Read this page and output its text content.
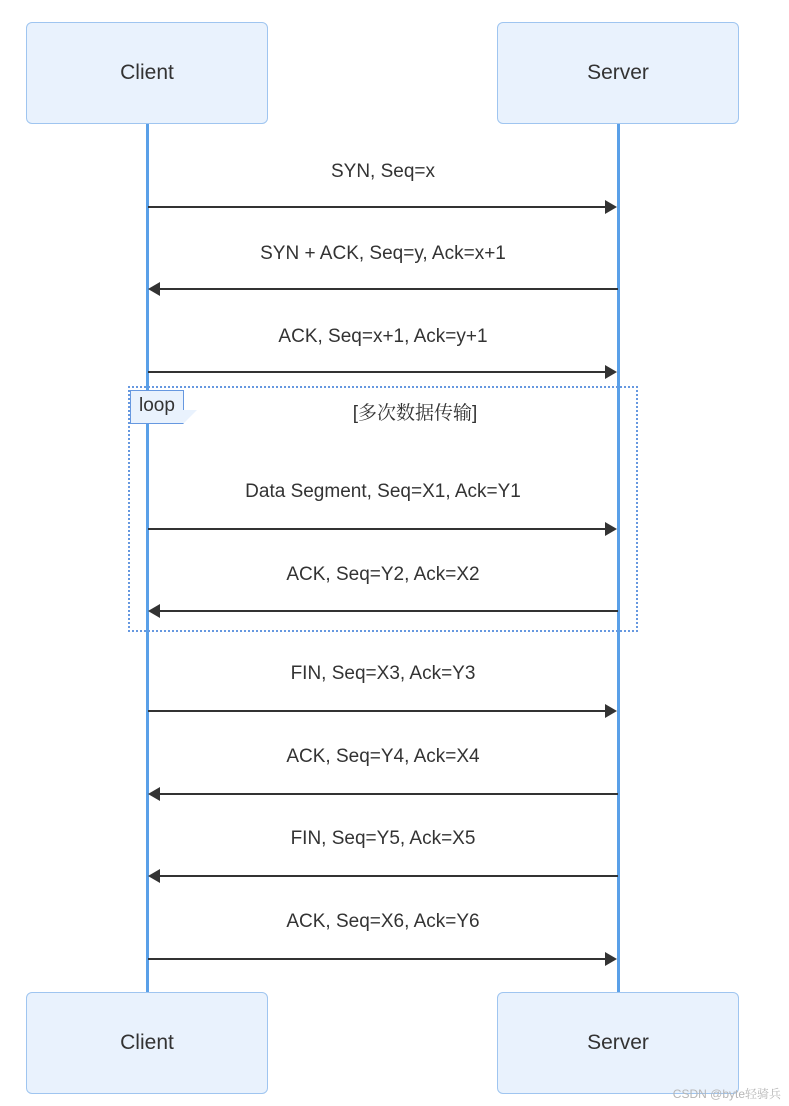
Client	Server
loop	[多次数据传输]
SYN, Seq=x
SYN + ACK, Seq=y, Ack=x+1
ACK, Seq=x+1, Ack=y+1
Data Segment, Seq=X1, Ack=Y1
ACK, Seq=Y2, Ack=X2
FIN, Seq=X3, Ack=Y3
ACK, Seq=Y4, Ack=X4
FIN, Seq=Y5, Ack=X5
ACK, Seq=X6, Ack=Y6
Client	Server
CSDN @byte轻骑兵
